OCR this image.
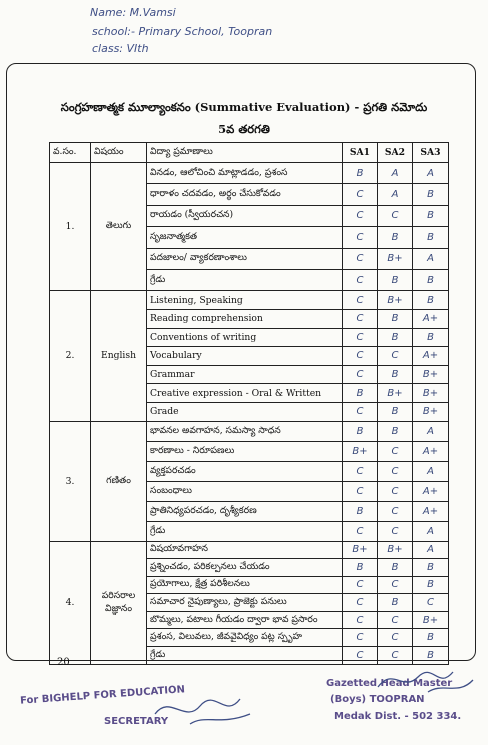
Name: M.Vamsi
school:- Primary School, Toopran
class: VIth
సంగ్రహణాత్మక మూల్యాంకనం (Summative Evaluation) - ప్రగతి నమోదు
5వ తరగతి
వ.సం.	విషయం	విద్యా ప్రమాణాలు	SA1	SA2	SA3
1.	తెలుగు	వినడం, ఆలోచించి మాట్లాడడం, ప్రశంస	B	A	A
		ధారాళం చదవడం, అర్థం చేసుకోవడం	C	A	B
		రాయడం (స్వీయరచన)	C	C	B
		సృజనాత్మకత	C	B	B
		పదజాలం/ వ్యాకరణాంశాలు	C	B+	A
		గ్రేడు	C	B	B
2.	English	Listening, Speaking	C	B+	B
		Reading comprehension	C	B	A+
		Conventions of writing	C	B	B
		Vocabulary	C	C	A+
		Grammar	C	B	B+
		Creative expression - Oral & Written	B	B+	B+
		Grade	C	B	B+
3.	గణితం	భావనల అవగాహన, సమస్యా సాధన	B	B	A
		కారణాలు - నిరూపణలు	B+	C	A+
		వ్యక్తపరచడం	C	C	A
		సంబంధాలు	C	C	A+
		ప్రాతినిధ్యపరచడం, దృశ్యీకరణ	B	C	A+
		గ్రేడు	C	C	A
4.	పరిసరాల విజ్ఞానం	విషయావగాహన	B+	B+	A
		ప్రశ్నించడం, పరికల్పనలు చేయడం	B	B	B
		ప్రయోగాలు, క్షేత్ర పరిశీలనలు	C	C	B
		సమాచార నైపుణ్యాలు, ప్రాజెక్టు పనులు	C	B	C
		బొమ్మలు, పటాలు గీయడం ద్వారా భావ ప్రసారం	C	C	B+
		ప్రశంస, విలువలు, జీవవైవిధ్యం పట్ల స్పృహ	C	C	B
		గ్రేడు	C	C	B
20
For BIGHELP FOR EDUCATION
SECRETARY
Gazetted Head Master
(Boys) TOOPRAN
Medak Dist. - 502 334.
